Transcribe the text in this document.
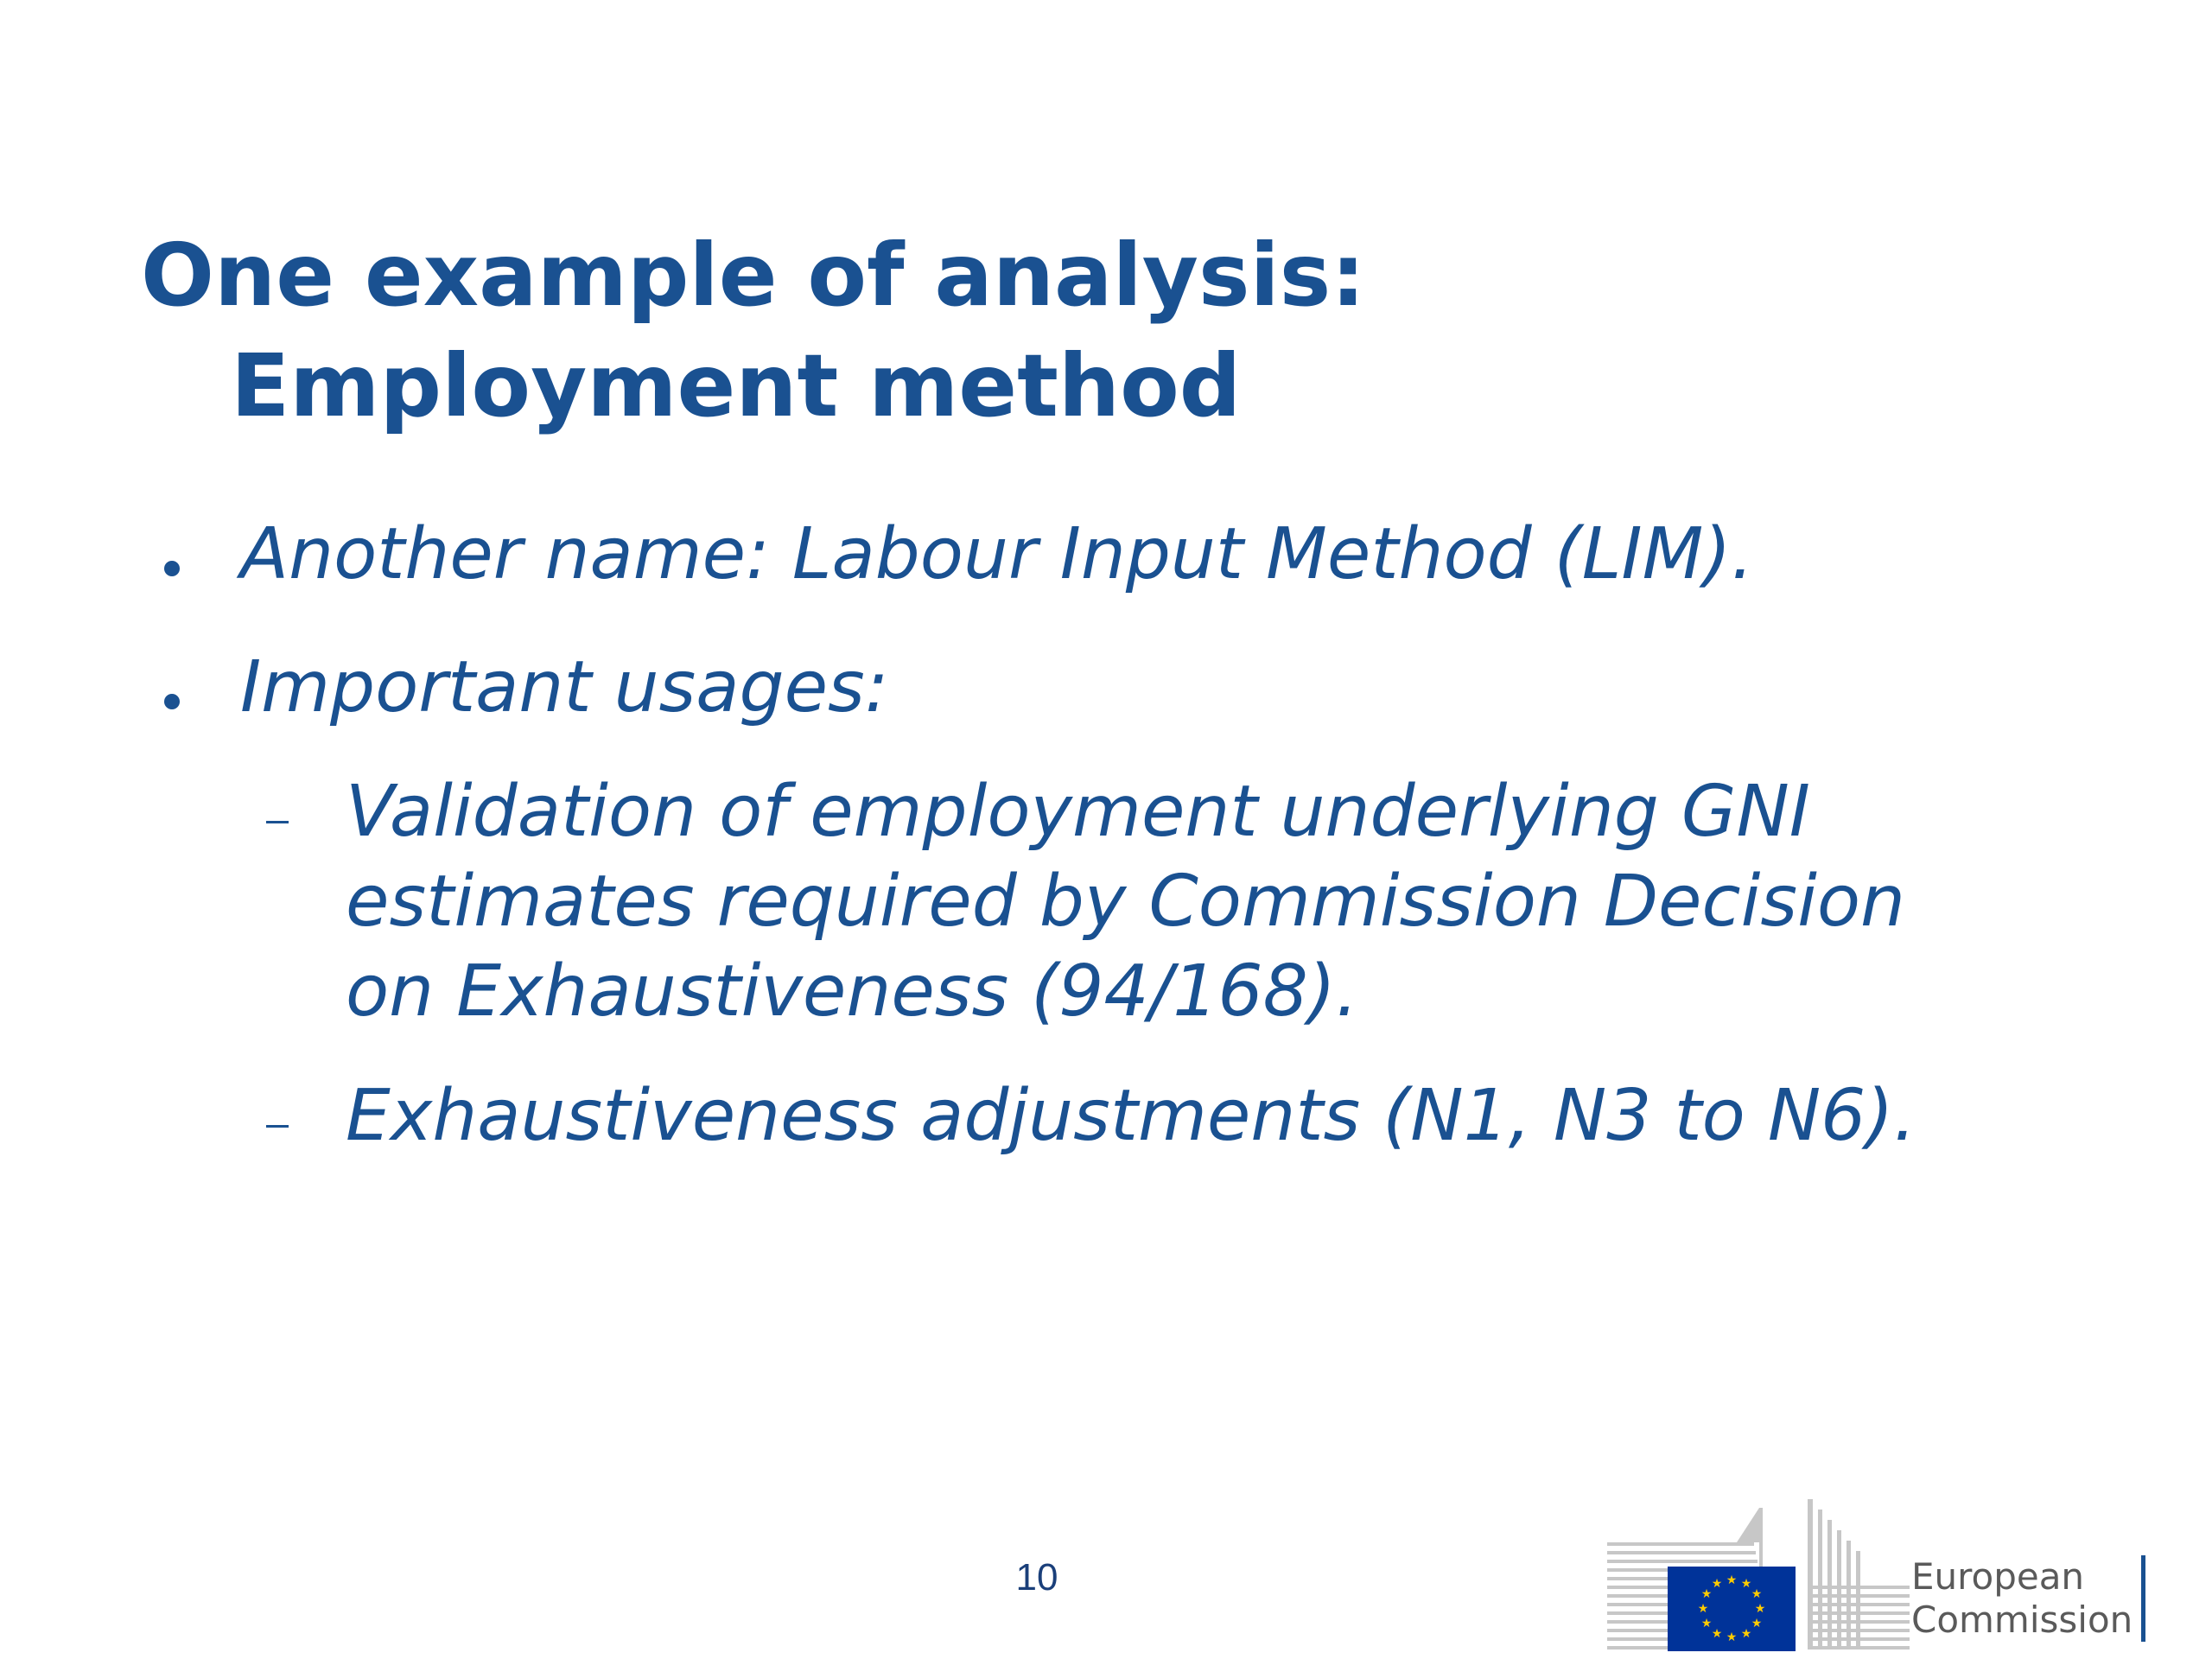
One example of analysis:
Employment method
Another name: Labour Input Method (LIM).
Important usages:
Validation of employment underlying GNI
estimates required by Commission Decision
on Exhaustiveness (94/168).
Exhaustiveness adjustments (N1, N3 to N6).
10	★ ★
★
★
★
★
★
★
★
★
★
★	European
Commission
